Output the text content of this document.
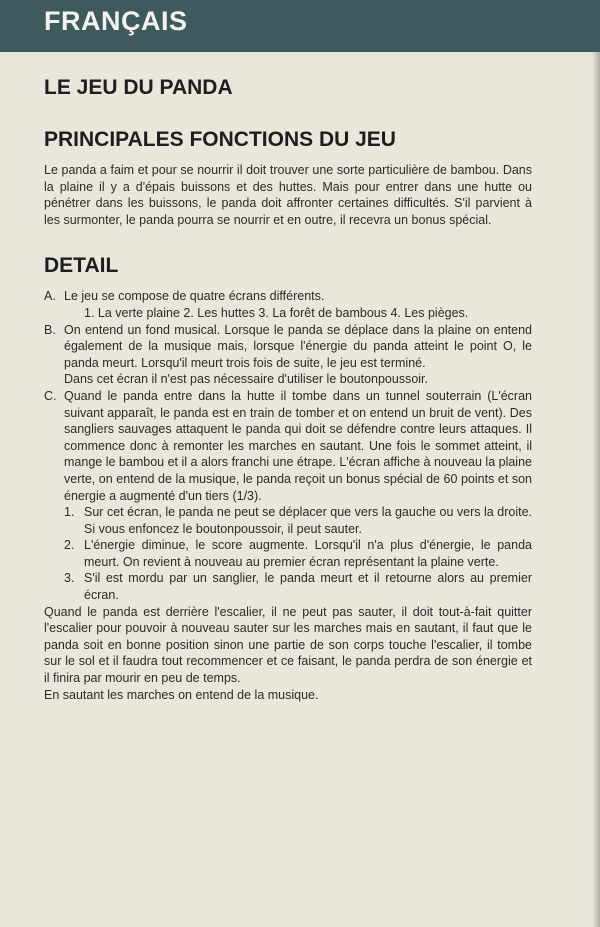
FRANÇAIS
LE JEU DU PANDA
PRINCIPALES FONCTIONS DU JEU

Le panda a faim et pour se nourrir il doit trouver une sorte particulière de bambou. Dans la plaine il y a d'épais buissons et des huttes. Mais pour entrer dans une hutte ou pénétrer dans les buissons, le panda doit affronter certaines difficultés. S'il parvient à les surmonter, le panda pourra se nourrir et en outre, il recevra un bonus spécial.

DETAIL
A. Le jeu se compose de quatre écrans différents.
1. La verte plaine 2. Les huttes 3. La forêt de bambous 4. Les pièges.
B. On entend un fond musical. Lorsque le panda se déplace dans la plaine on entend également de la musique mais, lorsque l'énergie du panda atteint le point O, le panda meurt. Lorsqu'il meurt trois fois de suite, le jeu est terminé.
Dans cet écran il n'est pas nécessaire d'utiliser le boutonpoussoir.
C. Quand le panda entre dans la hutte il tombe dans un tunnel souterrain (L'écran suivant apparaît, le panda est en train de tomber et on entend un bruit de vent). Des sangliers sauvages attaquent le panda qui doit se défendre contre leurs attaques. Il commence donc à remonter les marches en sautant. Une fois le sommet atteint, il mange le bambou et il a alors franchi une étrape. L'écran affiche à nouveau la plaine verte, on entend de la musique, le panda reçoit un bonus spécial de 60 points et son énergie a augmenté d'un tiers (1/3).
1. Sur cet écran, le panda ne peut se déplacer que vers la gauche ou vers la droite. Si vous enfoncez le boutonpoussoir, il peut sauter.
2. L'énergie diminue, le score augmente. Lorsqu'il n'a plus d'énergie, le panda meurt. On revient à nouveau au premier écran représentant la plaine verte.
3. S'il est mordu par un sanglier, le panda meurt et il retourne alors au premier écran.

Quand le panda est derrière l'escalier, il ne peut pas sauter, il doit tout-à-fait quitter l'escalier pour pouvoir à nouveau sauter sur les marches mais en sautant, il faut que le panda soit en bonne position sinon une partie de son corps touche l'escalier, il tombe sur le sol et il faudra tout recommencer et ce faisant, le panda perdra de son énergie et il finira par mourir en peu de temps.

En sautant les marches on entend de la musique.
